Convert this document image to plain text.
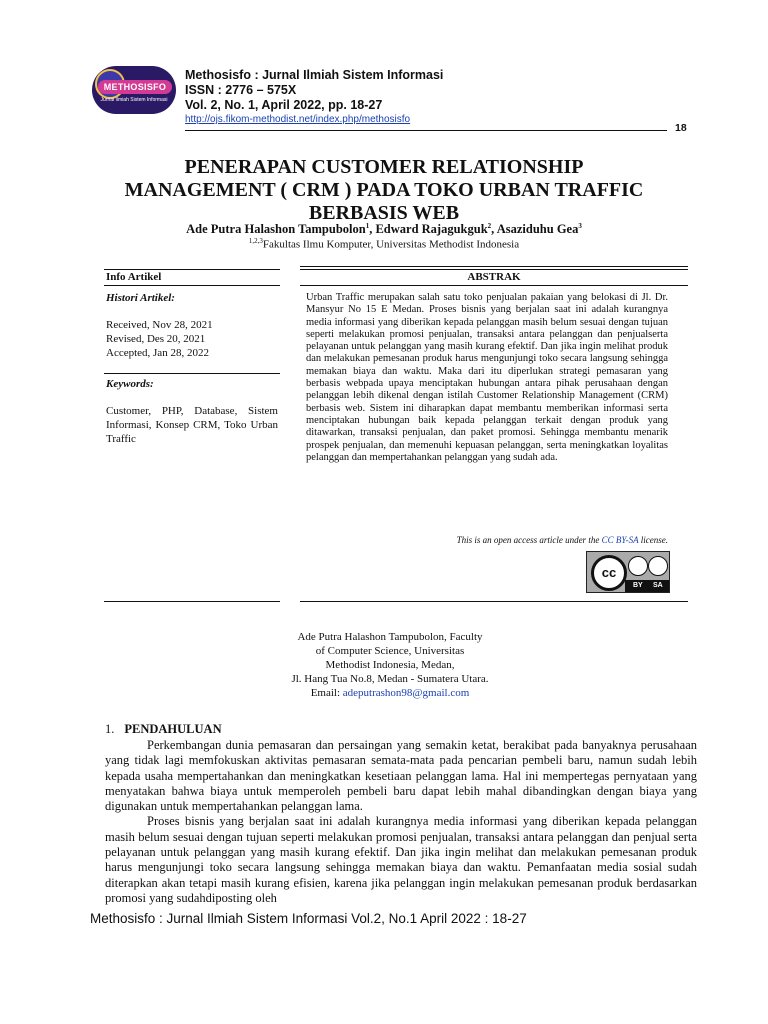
METHOSISFO
Jurnal Ilmiah Sistem Informasi
Methosisfo : Jurnal Ilmiah Sistem Informasi
ISSN : 2776 – 575X
Vol. 2, No. 1, April 2022, pp. 18-27
http://ojs.fikom-methodist.net/index.php/methosisfo
18
PENERAPAN CUSTOMER RELATIONSHIP
MANAGEMENT ( CRM ) PADA TOKO URBAN TRAFFIC
BERBASIS WEB
Ade Putra Halashon Tampubolon$^1$, Edward Rajagukguk$^2$, Asaziduhu Gea$^3$
$^{1,2,3}$Fakultas Ilmu Komputer, Universitas Methodist Indonesia
Info Artikel
Histori Artikel:
Received, Nov 28, 2021
Revised, Des 20, 2021
Accepted, Jan 28, 2022
Keywords:
Customer, PHP, Database, Sistem Informasi, Konsep CRM, Toko Urban Traffic
ABSTRAK
Urban Traffic merupakan salah satu toko penjualan pakaian yang belokasi di Jl. Dr. Mansyur No 15 E Medan. Proses bisnis yang berjalan saat ini adalah kurangnya media informasi yang diberikan kepada pelanggan masih belum sesuai dengan tujuan seperti melakukan promosi penjualan, transaksi antara pelanggan dan penjualserta pelayanan untuk pelanggan yang masih kurang efektif. Dan jika ingin melihat produk dan melakukan pemesanan produk harus mengunjungi toko secara langsung sehingga memakan biaya dan waktu. Maka dari itu diperlukan strategi pemasaran yang berbasis webpada upaya menciptakan hubungan antara pihak perusahaan dengan pelanggan lebih dikenal dengan istilah Customer Relationship Management (CRM) berbasis web. Sistem ini diharapkan dapat membantu memberikan informasi serta menciptakan hubungan baik kepada pelanggan terkait dengan produk yang ditawarkan, transaksi penjualan, dan paket promosi. Sehingga membantu menarik prospek penjualan, dan memenuhi kepuasan pelanggan, serta meningkatkan loyalitas pelanggan dan mempertahankan pelanggan yang sudah ada.
This is an open access article under the CC BY-SA license.
cc
BY SA
Ade Putra Halashon Tampubolon, Faculty
of Computer Science, Universitas
Methodist Indonesia, Medan,
Jl. Hang Tua No.8, Medan - Sumatera Utara.
Email: adeputrashon98@gmail.com
1. PENDAHULUAN

Perkembangan dunia pemasaran dan persaingan yang semakin ketat, berakibat pada banyaknya perusahaan yang tidak lagi memfokuskan aktivitas pemasaran semata-mata pada pencarian pembeli baru, namun sudah lebih kepada usaha mempertahankan dan meningkatkan kesetiaan pelanggan lama. Hal ini mempertegas pernyataan yang menyatakan bahwa biaya untuk memperoleh pembeli baru dapat lebih mahal dibandingkan dengan biaya yang digunakan untuk mempertahankan pelanggan lama.

Proses bisnis yang berjalan saat ini adalah kurangnya media informasi yang diberikan kepada pelanggan masih belum sesuai dengan tujuan seperti melakukan promosi penjualan, transaksi antara pelanggan dan penjual serta pelayanan untuk pelanggan yang masih kurang efektif. Dan jika ingin melihat dan melakukan pemesanan produk harus mengunjungi toko secara langsung sehingga memakan biaya dan waktu. Pemanfaatan media sosial sudah diterapkan akan tetapi masih kurang efisien, karena jika pelanggan ingin melakukan pemesanan produk berdasarkan promosi yang sudahdiposting oleh

Methosisfo : Jurnal Ilmiah Sistem Informasi Vol.2, No.1 April 2022 : 18-27
